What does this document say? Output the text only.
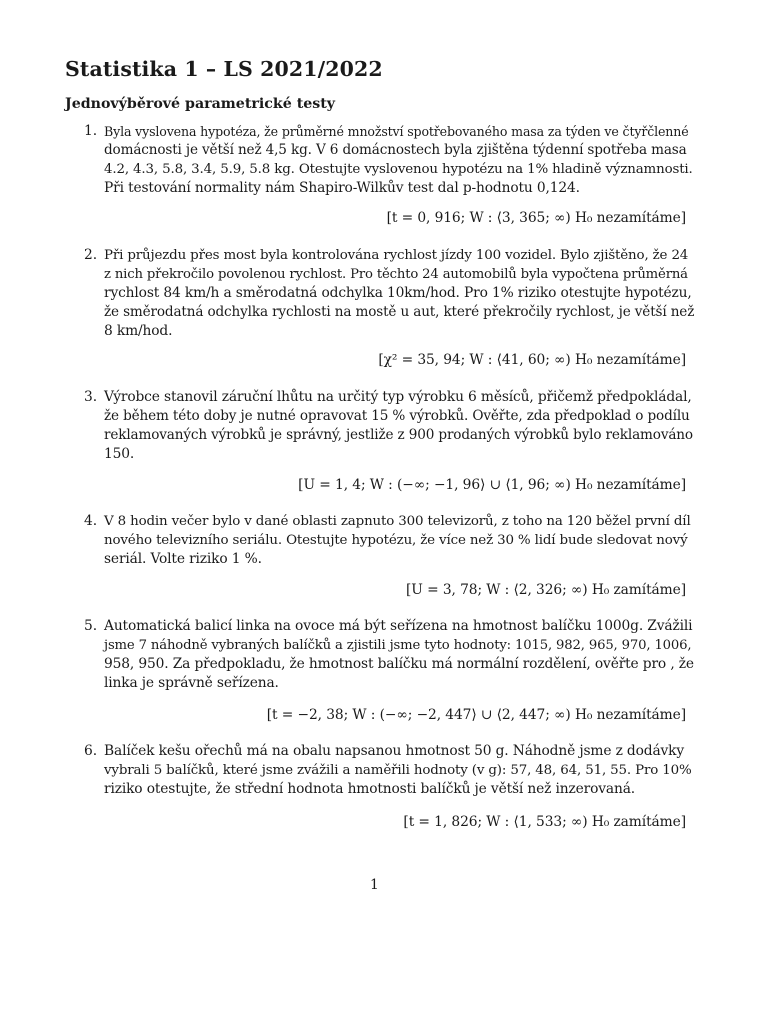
Statistika 1 – LS 2021/2022
Jednovýběrové parametrické testy
1. Byla vyslovena hypotéza, že průměrné množství spotřebovaného masa za týden ve čtyřčlenné
domácnosti je větší než 4,5 kg. V 6 domácnostech byla zjištěna týdenní spotřeba masa
4.2, 4.3, 5.8, 3.4, 5.9, 5.8 kg. Otestujte vyslovenou hypotézu na 1% hladině významnosti.
Při testování normality nám Shapiro-Wilkův test dal p-hodnotu 0,124.
[t = 0, 916; W : ⟨3, 365; ∞) H₀ nezamítáme]
2. Při průjezdu přes most byla kontrolována rychlost jízdy 100 vozidel. Bylo zjištěno, že 24
z nich překročilo povolenou rychlost. Pro těchto 24 automobilů byla vypočtena průměrná
rychlost 84 km/h a směrodatná odchylka 10km/hod. Pro 1% riziko otestujte hypotézu,
že směrodatná odchylka rychlosti na mostě u aut, které překročily rychlost, je větší než
8 km/hod.
[χ² = 35, 94; W : ⟨41, 60; ∞) H₀ nezamítáme]
3. Výrobce stanovil záruční lhůtu na určitý typ výrobku 6 měsíců, přičemž předpokládal,
že během této doby je nutné opravovat 15 % výrobků. Ověřte, zda předpoklad o podílu
reklamovaných výrobků je správný, jestliže z 900 prodaných výrobků bylo reklamováno
150.
[U = 1, 4; W : (−∞; −1, 96⟩ ∪ ⟨1, 96; ∞) H₀ nezamítáme]
4. V 8 hodin večer bylo v dané oblasti zapnuto 300 televizorů, z toho na 120 běžel první díl
nového televizního seriálu. Otestujte hypotézu, že více než 30 % lidí bude sledovat nový
seriál. Volte riziko 1 %.
[U = 3, 78; W : ⟨2, 326; ∞) H₀ zamítáme]
5. Automatická balicí linka na ovoce má být seřízena na hmotnost balíčku 1000g. Zvážili
jsme 7 náhodně vybraných balíčků a zjistili jsme tyto hodnoty: 1015, 982, 965, 970, 1006,
958, 950. Za předpokladu, že hmotnost balíčku má normální rozdělení, ověřte pro , že
linka je správně seřízena.
[t = −2, 38; W : (−∞; −2, 447⟩ ∪ ⟨2, 447; ∞) H₀ nezamítáme]
6. Balíček kešu ořechů má na obalu napsanou hmotnost 50 g. Náhodně jsme z dodávky
vybrali 5 balíčků, které jsme zvážili a naměřili hodnoty (v g): 57, 48, 64, 51, 55. Pro 10%
riziko otestujte, že střední hodnota hmotnosti balíčků je větší než inzerovaná.
[t = 1, 826; W : ⟨1, 533; ∞) H₀ zamítáme]
1
